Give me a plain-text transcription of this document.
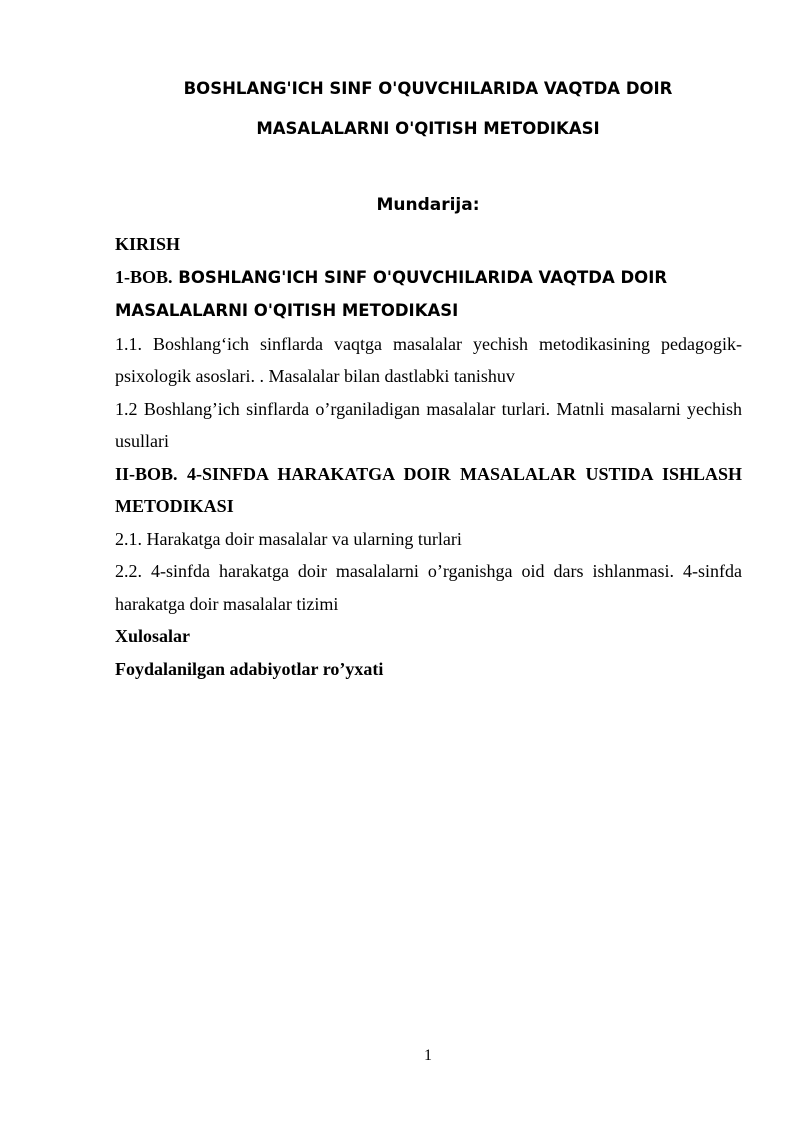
BOSHLANG'ICH SINF O'QUVCHILARIDA VAQTDA DOIR
MASALALARNI O'QITISH METODIKASI
Mundarija:
KIRISH
1-BOB. BOSHLANG'ICH SINF O'QUVCHILARIDA VAQTDA DOIR
MASALALARNI O'QITISH METODIKASI
1.1. Boshlang‘ich sinflarda vaqtga masalalar yechish metodikasining pedagogik-psixologik asoslari. . Masalalar bilan dastlabki tanishuv
1.2 Boshlang’ich sinflarda o’rganiladigan masalalar turlari. Matnli masalarni yechish usullari
II-BOB. 4-SINFDA HARAKATGA DOIR MASALALAR USTIDA ISHLASH METODIKASI
2.1. Harakatga doir masalalar va ularning turlari
2.2. 4-sinfda harakatga doir masalalarni o’rganishga oid dars ishlanmasi. 4-sinfda harakatga doir masalalar tizimi
Xulosalar
Foydalanilgan adabiyotlar ro’yxati
1
